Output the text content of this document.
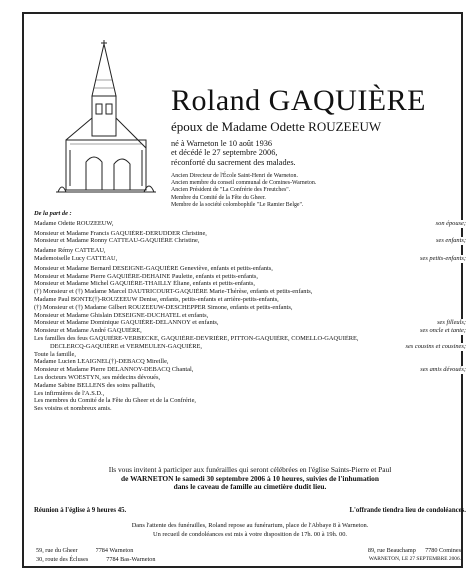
Roland GAQUIÈRE
époux de Madame Odette ROUZEEUW
né à Warneton le 10 août 1936
et décédé le 27 septembre 2006,
réconforté du sacrement des malades.
Ancien Directeur de l'École Saint-Henri de Warneton.
Ancien membre du conseil communal de Comines-Warneton.
Ancien Président de "La Confrérie des Freutches".
Membre du Comité de la Fête du Gheer.
Membre de la société colombophile "Le Ramier Belge".
De la part de :
Madame Odette ROUZEEUW,	son épouse;
Monsieur et Madame Francis GAQUIÈRE-DERUDDER Christine,
Monsieur et Madame Ronny CATTEAU-GAQUIÈRE Christine,	ses enfants;
Madame Rémy CATTEAU,
Mademoiselle Lucy CATTEAU,	ses petits-enfants;
Monsieur et Madame Bernard DESEIGNE-GAQUIÈRE Geneviève, enfants et petits-enfants,
Monsieur et Madame Pierre GAQUIÈRE-DEHAINE Paulette, enfants et petits-enfants,
Monsieur et Madame Michel GAQUIÈRE-THAILLY Éliane, enfants et petits-enfants,
(†) Monsieur et (†) Madame Marcel DAUTRICOURT-GAQUIÈRE Marie-Thérèse, enfants et petits-enfants,
Madame Paul BONTE(†)-ROUZEEUW Denise, enfants, petits-enfants et arrière-petits-enfants,
(†) Monsieur et (†) Madame Gilbert ROUZEEUW-DESCHEPPER Simone, enfants et petits-enfants,
Monsieur et Madame Ghislain DESEIGNE-DUCHATEL et enfants,
Monsieur et Madame Dominique GAQUIÈRE-DELANNOY et enfants,	ses filleuls;
Monsieur et Madame André GAQUIÈRE,	ses oncle et tante;
Les familles des feus GAQUIÈRE-VERBECKE, GAQUIÈRE-DEVRIÈRE, PITTON-GAQUIÈRE, COMELLO-GAQUIÈRE,
DECLERCQ-GAQUIÈRE et VERMEULEN-GAQUIÈRE,	ses cousins et cousines;
Toute la famille,
Madame Lucien LEAIGNEL(†)-DEBACQ Mireille,
Monsieur et Madame Pierre DELANNOY-DEBACQ Chantal,	ses amis dévoués;
Les docteurs WOESTYN, ses médecins dévoués,
Madame Sabine BELLENS des soins palliatifs,
Les infirmières de l'A.S.D.,
Les membres du Comité de la Fête du Gheer et de la Confrérie,
Ses voisins et nombreux amis.
Ils vous invitent à participer aux funérailles qui seront célébrées en l'église Saints-Pierre et Paul
de WARNETON le samedi 30 septembre 2006 à 10 heures, suivies de l'inhumation
dans le caveau de famille au cimetière dudit lieu.
Réunion à l'église à 9 heures 45.	L'offrande tiendra lieu de condoléances.
Dans l'attente des funérailles, Roland repose au funérarium, place de l'Abbaye 8 à Warneton.
Un recueil de condoléances est mis à votre disposition de 17h. 00 à 19h. 00.
59, rue du Gheer	7784 Warneton
30, route des Écluses	7784 Bas-Warneton
89, rue Beauchamp      7780 Comines
WARNETON, LE 27 SEPTEMBRE 2006.
